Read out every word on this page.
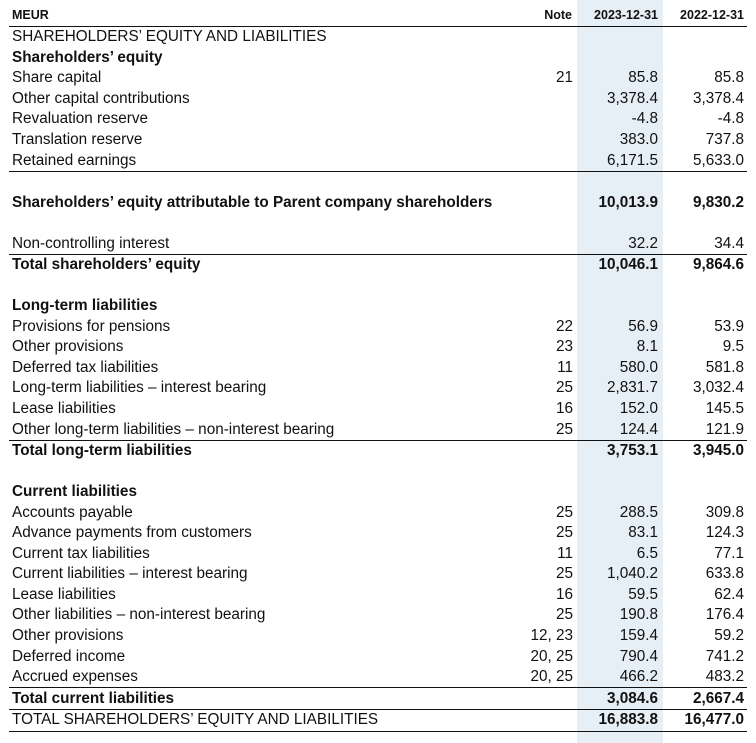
MEUR	Note	2023-12-31	2022-12-31
SHAREHOLDERS’ EQUITY AND LIABILITIES			
Shareholders’ equity			
Share capital	21	85.8	85.8
Other capital contributions		3,378.4	3,378.4
Revaluation reserve		-4.8	-4.8
Translation reserve		383.0	737.8
Retained earnings		6,171.5	5,633.0
Shareholders’ equity attributable to Parent company shareholders		10,013.9	9,830.2

Non-controlling interest		32.2	34.4
Total shareholders’ equity		10,046.1	9,864.6

Long-term liabilities			
Provisions for pensions	22	56.9	53.9
Other provisions	23	8.1	9.5
Deferred tax liabilities	11	580.0	581.8
Long-term liabilities – interest bearing	25	2,831.7	3,032.4
Lease liabilities	16	152.0	145.5
Other long-term liabilities – non-interest bearing	25	124.4	121.9
Total long-term liabilities		3,753.1	3,945.0

Current liabilities			
Accounts payable	25	288.5	309.8
Advance payments from customers	25	83.1	124.3
Current tax liabilities	11	6.5	77.1
Current liabilities – interest bearing	25	1,040.2	633.8
Lease liabilities	16	59.5	62.4
Other liabilities – non-interest bearing	25	190.8	176.4
Other provisions	12, 23	159.4	59.2
Deferred income	20, 25	790.4	741.2
Accrued expenses	20, 25	466.2	483.2
Total current liabilities		3,084.6	2,667.4
TOTAL SHAREHOLDERS’ EQUITY AND LIABILITIES		16,883.8	16,477.0
